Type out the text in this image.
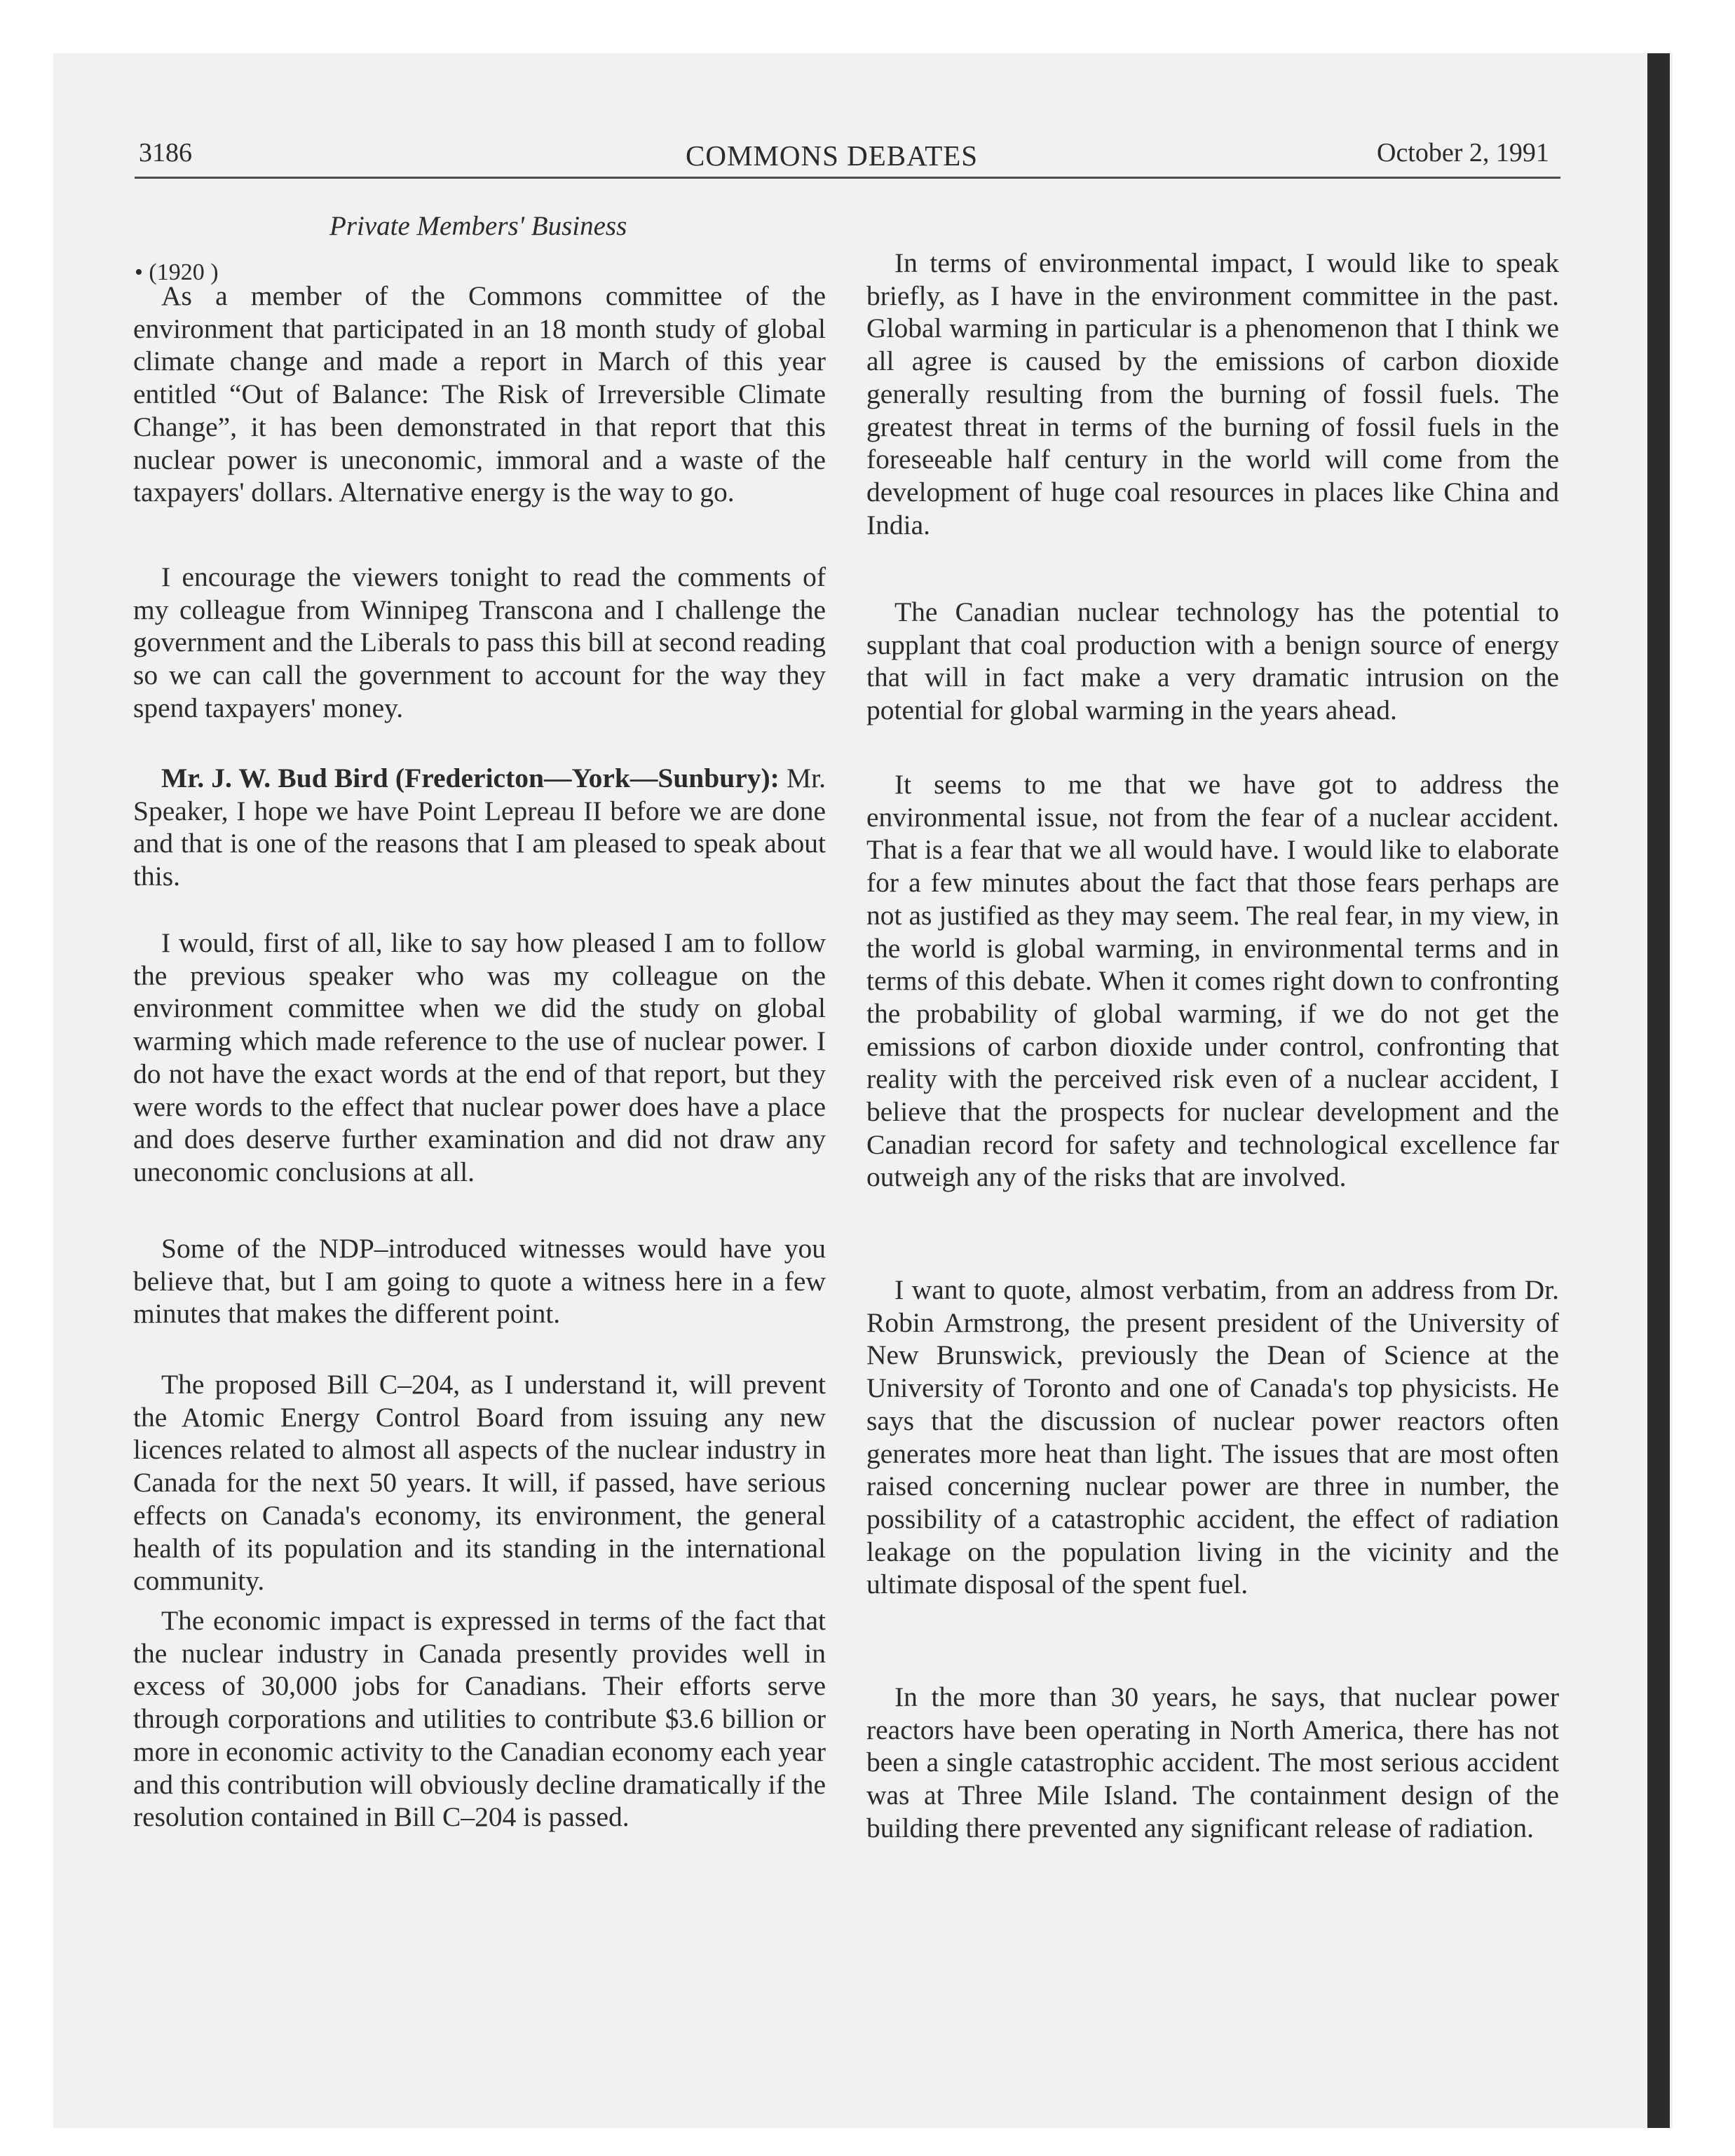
3186	COMMONS DEBATES	October 2, 1991
Private Members' Business
• (1920 )

As a member of the Commons committee of the environment that participated in an 18 month study of global climate change and made a report in March of this year entitled “Out of Balance: The Risk of Irreversible Climate Change”, it has been demonstrated in that report that this nuclear power is uneconomic, immoral and a waste of the taxpayers' dollars. Alternative energy is the way to go.

I encourage the viewers tonight to read the comments of my colleague from Winnipeg Transcona and I challenge the government and the Liberals to pass this bill at second reading so we can call the government to account for the way they spend taxpayers' money.

Mr. J. W. Bud Bird (Fredericton—York—Sunbury): Mr. Speaker, I hope we have Point Lepreau II before we are done and that is one of the reasons that I am pleased to speak about this.

I would, first of all, like to say how pleased I am to follow the previous speaker who was my colleague on the environment committee when we did the study on global warming which made reference to the use of nuclear power. I do not have the exact words at the end of that report, but they were words to the effect that nuclear power does have a place and does deserve further examination and did not draw any uneconomic conclusions at all.

Some of the NDP–introduced witnesses would have you believe that, but I am going to quote a witness here in a few minutes that makes the different point.

The proposed Bill C–204, as I understand it, will prevent the Atomic Energy Control Board from issuing any new licences related to almost all aspects of the nuclear industry in Canada for the next 50 years. It will, if passed, have serious effects on Canada's economy, its environment, the general health of its population and its standing in the international community.

The economic impact is expressed in terms of the fact that the nuclear industry in Canada presently provides well in excess of 30,000 jobs for Canadians. Their efforts serve through corporations and utilities to contribute $3.6 billion or more in economic activity to the Canadian economy each year and this contribution will obviously decline dramatically if the resolution contained in Bill C–204 is passed.

In terms of environmental impact, I would like to speak briefly, as I have in the environment committee in the past. Global warming in particular is a phenomenon that I think we all agree is caused by the emissions of carbon dioxide generally resulting from the burning of fossil fuels. The greatest threat in terms of the burning of fossil fuels in the foreseeable half century in the world will come from the development of huge coal resources in places like China and India.

The Canadian nuclear technology has the potential to supplant that coal production with a benign source of energy that will in fact make a very dramatic intrusion on the potential for global warming in the years ahead.

It seems to me that we have got to address the environmental issue, not from the fear of a nuclear accident. That is a fear that we all would have. I would like to elaborate for a few minutes about the fact that those fears perhaps are not as justified as they may seem. The real fear, in my view, in the world is global warming, in environmental terms and in terms of this debate. When it comes right down to confronting the probability of global warming, if we do not get the emissions of carbon dioxide under control, confronting that reality with the perceived risk even of a nuclear accident, I believe that the prospects for nuclear development and the Canadian record for safety and technological excellence far outweigh any of the risks that are involved.

I want to quote, almost verbatim, from an address from Dr. Robin Armstrong, the present president of the University of New Brunswick, previously the Dean of Science at the University of Toronto and one of Canada's top physicists. He says that the discussion of nuclear power reactors often generates more heat than light. The issues that are most often raised concerning nuclear power are three in number, the possibility of a catastrophic accident, the effect of radiation leakage on the population living in the vicinity and the ultimate disposal of the spent fuel.

In the more than 30 years, he says, that nuclear power reactors have been operating in North America, there has not been a single catastrophic accident. The most serious accident was at Three Mile Island. The containment design of the building there prevented any significant release of radiation.
